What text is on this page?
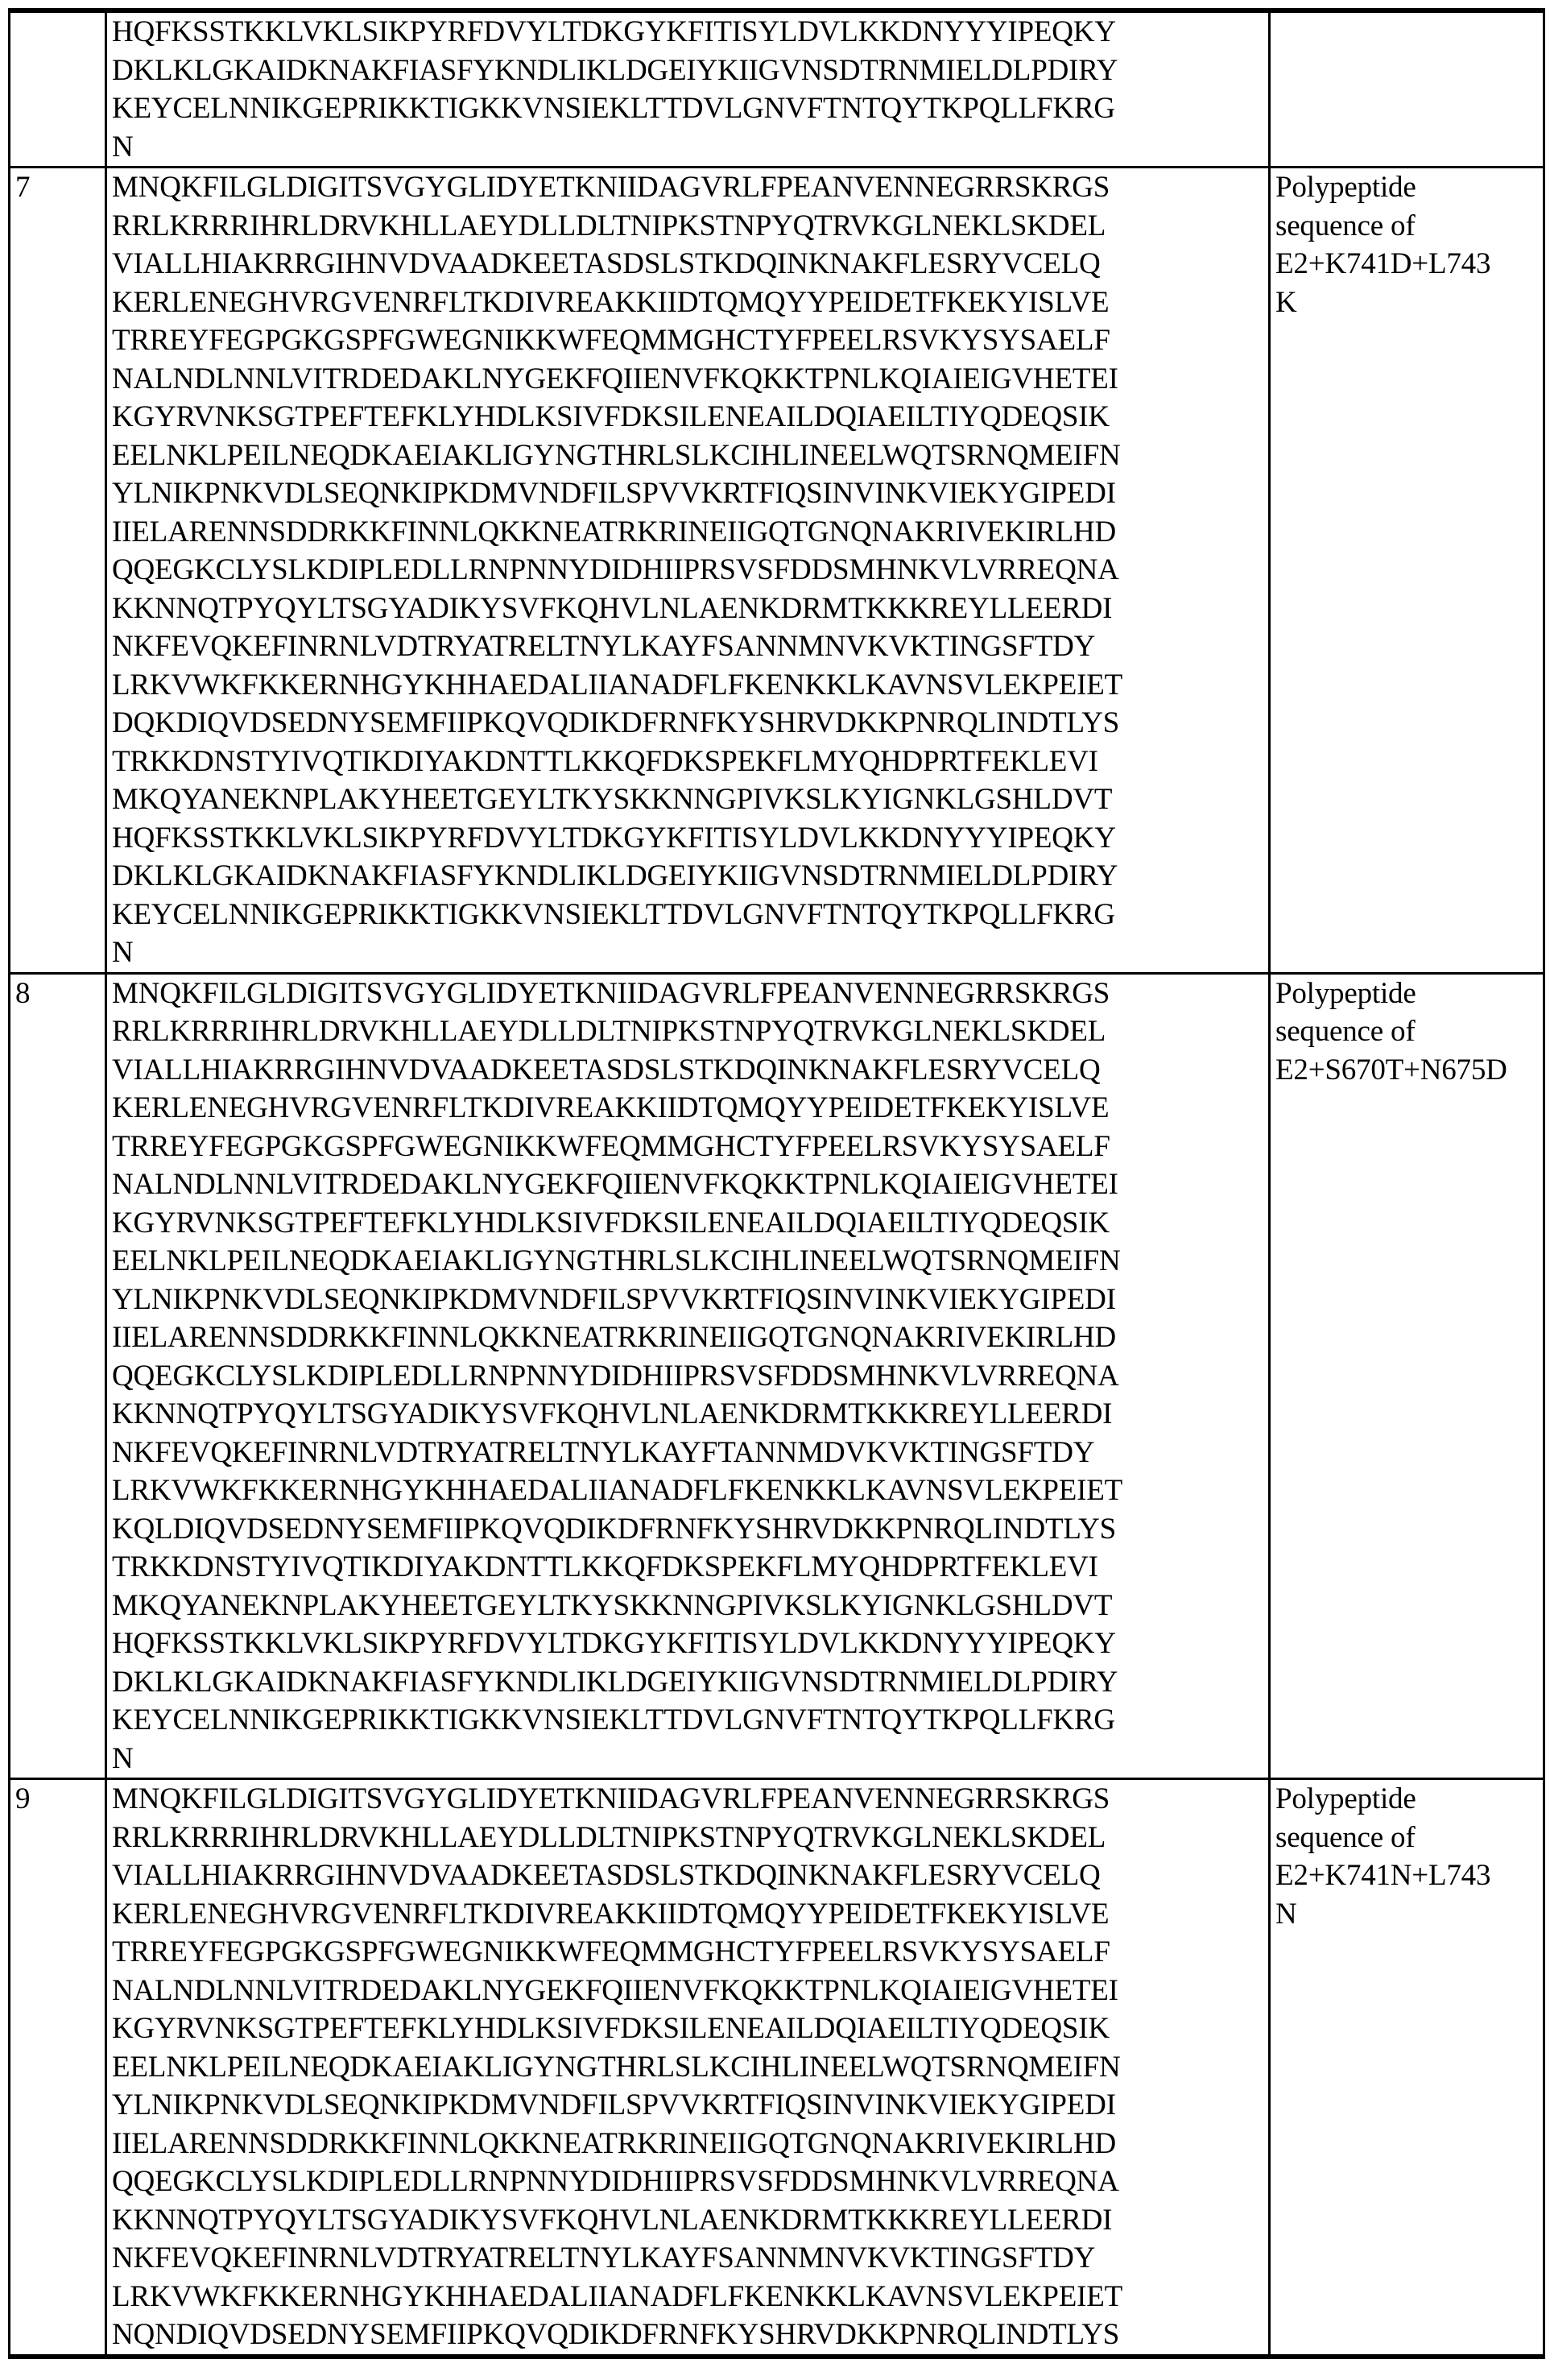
HQFKSSTKKLVKLSIKPYRFDVYLTDKGYKFITISYLDVLKKDNYYYIPEQKY
DKLKLGKAIDKNAKFIASFYKNDLIKLDGEIYKIIGVNSDTRNMIELDLPDIRY
KEYCELNNIKGEPRIKKTIGKKVNSIEKLTTDVLGNVFTNTQYTKPQLLFKRG
N

7	MNQKFILGLDIGITSVGYGLIDYETKNIIDAGVRLFPEANVENNEGRRSKRGS
RRLKRRRIHRLDRVKHLLAEYDLLDLTNIPKSTNPYQTRVKGLNEKLSKDEL
VIALLHIAKRRGIHNVDVAADKEETASDSLSTKDQINKNAKFLESRYVCELQ
KERLENEGHVRGVENRFLTKDIVREAKKIIDTQMQYYPEIDETFKEKYISLVE
TRREYFEGPGKGSPFGWEGNIKKWFEQMMGHCTYFPEELRSVKYSYSAELF
NALNDLNNLVITRDEDAKLNYGEKFQIIENVFKQKKTPNLKQIAIEIGVHETEI
KGYRVNKSGTPEFTEFKLYHDLKSIVFDKSILENEAILDQIAEILTIYQDEQSIK
EELNKLPEILNEQDKAEIAKLIGYNGTHRLSLKCIHLINEELWQTSRNQMEIFN
YLNIKPNKVDLSEQNKIPKDMVNDFILSPVVKRTFIQSINVINKVIEKYGIPEDI
IIELARENNSDDRKKFINNLQKKNEATRKRINEIIGQTGNQNAKRIVEKIRLHD
QQEGKCLYSLKDIPLEDLLRNPNNYDIDHIIPRSVSFDDSMHNKVLVRREQNA
KKNNQTPYQYLTSGYADIKYSVFKQHVLNLAENKDRMTKKKREYLLEERDI
NKFEVQKEFINRNLVDTRYATRELTNYLKAYFSANNMNVKVKTINGSFTDY
LRKVWKFKKERNHGYKHHAEDALIIANADFLFKENKKLKAVNSVLEKPEIET
DQKDIQVDSEDNYSEMFIIPKQVQDIKDFRNFKYSHRVDKKPNRQLINDTLYS
TRKKDNSTYIVQTIKDIYAKDNTTLKKQFDKSPEKFLMYQHDPRTFEKLEVI
MKQYANEKNPLAKYHEETGEYLTKYSKKNNGPIVKSLKYIGNKLGSHLDVT
HQFKSSTKKLVKLSIKPYRFDVYLTDKGYKFITISYLDVLKKDNYYYIPEQKY
DKLKLGKAIDKNAKFIASFYKNDLIKLDGEIYKIIGVNSDTRNMIELDLPDIRY
KEYCELNNIKGEPRIKKTIGKKVNSIEKLTTDVLGNVFTNTQYTKPQLLFKRG
N

Polypeptide
sequence of
E2+K741D+L743
K

8	MNQKFILGLDIGITSVGYGLIDYETKNIIDAGVRLFPEANVENNEGRRSKRGS
RRLKRRRIHRLDRVKHLLAEYDLLDLTNIPKSTNPYQTRVKGLNEKLSKDEL
VIALLHIAKRRGIHNVDVAADKEETASDSLSTKDQINKNAKFLESRYVCELQ
KERLENEGHVRGVENRFLTKDIVREAKKIIDTQMQYYPEIDETFKEKYISLVE
TRREYFEGPGKGSPFGWEGNIKKWFEQMMGHCTYFPEELRSVKYSYSAELF
NALNDLNNLVITRDEDAKLNYGEKFQIIENVFKQKKTPNLKQIAIEIGVHETEI
KGYRVNKSGTPEFTEFKLYHDLKSIVFDKSILENEAILDQIAEILTIYQDEQSIK
EELNKLPEILNEQDKAEIAKLIGYNGTHRLSLKCIHLINEELWQTSRNQMEIFN
YLNIKPNKVDLSEQNKIPKDMVNDFILSPVVKRTFIQSINVINKVIEKYGIPEDI
IIELARENNSDDRKKFINNLQKKNEATRKRINEIIGQTGNQNAKRIVEKIRLHD
QQEGKCLYSLKDIPLEDLLRNPNNYDIDHIIPRSVSFDDSMHNKVLVRREQNA
KKNNQTPYQYLTSGYADIKYSVFKQHVLNLAENKDRMTKKKREYLLEERDI
NKFEVQKEFINRNLVDTRYATRELTNYLKAYFTANNMDVKVKTINGSFTDY
LRKVWKFKKERNHGYKHHAEDALIIANADFLFKENKKLKAVNSVLEKPEIET
KQLDIQVDSEDNYSEMFIIPKQVQDIKDFRNFKYSHRVDKKPNRQLINDTLYS
TRKKDNSTYIVQTIKDIYAKDNTTLKKQFDKSPEKFLMYQHDPRTFEKLEVI
MKQYANEKNPLAKYHEETGEYLTKYSKKNNGPIVKSLKYIGNKLGSHLDVT
HQFKSSTKKLVKLSIKPYRFDVYLTDKGYKFITISYLDVLKKDNYYYIPEQKY
DKLKLGKAIDKNAKFIASFYKNDLIKLDGEIYKIIGVNSDTRNMIELDLPDIRY
KEYCELNNIKGEPRIKKTIGKKVNSIEKLTTDVLGNVFTNTQYTKPQLLFKRG
N

Polypeptide
sequence of
E2+S670T+N675D

9	MNQKFILGLDIGITSVGYGLIDYETKNIIDAGVRLFPEANVENNEGRRSKRGS
RRLKRRRIHRLDRVKHLLAEYDLLDLTNIPKSTNPYQTRVKGLNEKLSKDEL
VIALLHIAKRRGIHNVDVAADKEETASDSLSTKDQINKNAKFLESRYVCELQ
KERLENEGHVRGVENRFLTKDIVREAKKIIDTQMQYYPEIDETFKEKYISLVE
TRREYFEGPGKGSPFGWEGNIKKWFEQMMGHCTYFPEELRSVKYSYSAELF
NALNDLNNLVITRDEDAKLNYGEKFQIIENVFKQKKTPNLKQIAIEIGVHETEI
KGYRVNKSGTPEFTEFKLYHDLKSIVFDKSILENEAILDQIAEILTIYQDEQSIK
EELNKLPEILNEQDKAEIAKLIGYNGTHRLSLKCIHLINEELWQTSRNQMEIFN
YLNIKPNKVDLSEQNKIPKDMVNDFILSPVVKRTFIQSINVINKVIEKYGIPEDI
IIELARENNSDDRKKFINNLQKKNEATRKRINEIIGQTGNQNAKRIVEKIRLHD
QQEGKCLYSLKDIPLEDLLRNPNNYDIDHIIPRSVSFDDSMHNKVLVRREQNA
KKNNQTPYQYLTSGYADIKYSVFKQHVLNLAENKDRMTKKKREYLLEERDI
NKFEVQKEFINRNLVDTRYATRELTNYLKAYFSANNMNVKVKTINGSFTDY
LRKVWKFKKERNHGYKHHAEDALIIANADFLFKENKKLKAVNSVLEKPEIET
NQNDIQVDSEDNYSEMFIIPKQVQDIKDFRNFKYSHRVDKKPNRQLINDTLYS

Polypeptide
sequence of
E2+K741N+L743
N
